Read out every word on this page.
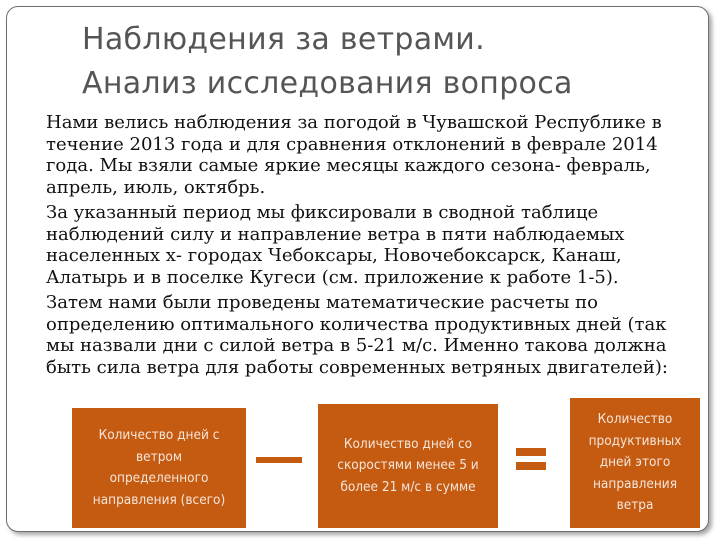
Наблюдения за ветрами.
Анализ исследования вопроса

Нами велись наблюдения за погодой в Чувашской Республике в течение 2013 года и для сравнения отклонений в феврале 2014 года. Мы взяли самые яркие месяцы каждого сезона- февраль, апрель, июль, октябрь.

За указанный период мы фиксировали в сводной таблице наблюдений силу и направление ветра в пяти наблюдаемых населенных х- городах Чебоксары, Новочебоксарск, Канаш, Алатырь и в поселке Кугеси (см. приложение к работе 1-5).

Затем нами были проведены математические расчеты по определению оптимального количества продуктивных дней (так мы назвали дни с силой ветра в 5-21 м/с. Именно такова должна быть сила ветра для работы современных ветряных двигателей):

Количество дней с ветром определенного направления (всего)
Количество дней со скоростями менее 5 и более 21 м/с в сумме
Количество продуктивных дней этого направления ветра
